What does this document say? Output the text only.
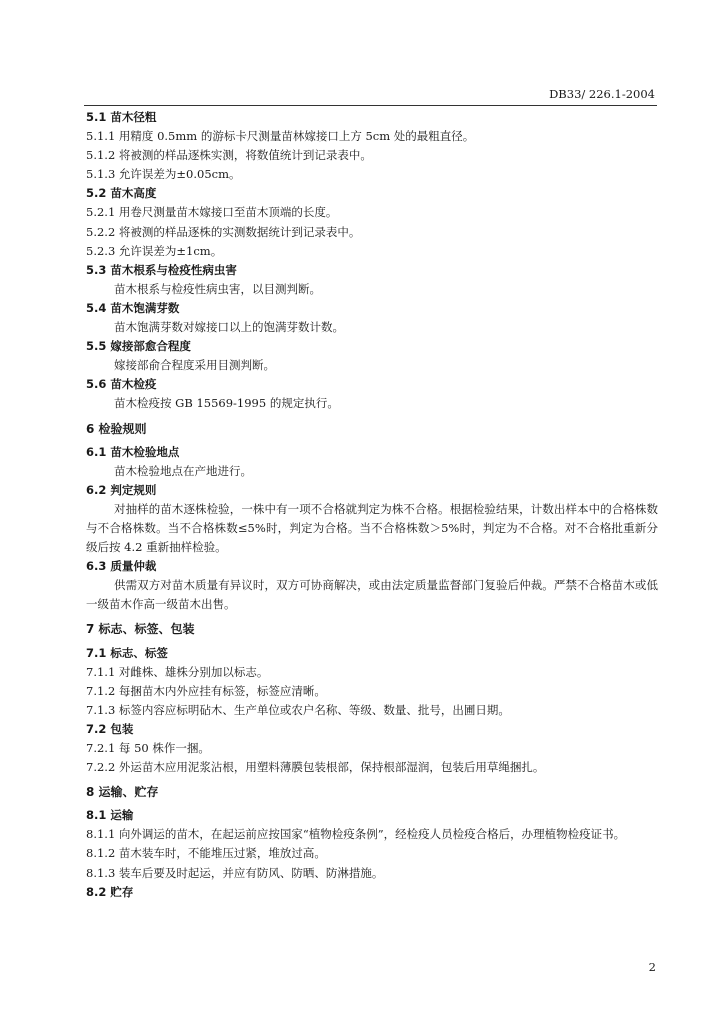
DB33/ 226.1-2004
5.1 苗木径粗
5.1.1 用精度 0.5mm 的游标卡尺测量苗林嫁接口上方 5cm 处的最粗直径。
5.1.2 将被测的样品逐株实测，将数值统计到记录表中。
5.1.3 允许误差为±0.05cm。
5.2 苗木高度
5.2.1 用卷尺测量苗木嫁接口至苗木顶端的长度。
5.2.2 将被测的样品逐株的实测数据统计到记录表中。
5.2.3 允许误差为±1cm。
5.3 苗木根系与检疫性病虫害
苗木根系与检疫性病虫害，以目测判断。
5.4 苗木饱满芽数
苗木饱满芽数对嫁接口以上的饱满芽数计数。
5.5 嫁接部愈合程度
嫁接部俞合程度采用目测判断。
5.6 苗木检疫
苗木检疫按 GB 15569-1995 的规定执行。
6 检验规则
6.1 苗木检验地点
苗木检验地点在产地进行。
6.2 判定规则
对抽样的苗木逐株检验，一株中有一项不合格就判定为株不合格。根据检验结果，计数出样本中的合格株数与不合格株数。当不合格株数≤5%时，判定为合格。当不合格株数＞5%时，判定为不合格。对不合格批重新分级后按 4.2 重新抽样检验。
6.3 质量仲裁
供需双方对苗木质量有异议时，双方可协商解决，或由法定质量监督部门复验后仲裁。严禁不合格苗木或低一级苗木作高一级苗木出售。
7 标志、标签、包装
7.1 标志、标签
7.1.1 对雌株、雄株分别加以标志。
7.1.2 每捆苗木内外应挂有标签，标签应清晰。
7.1.3 标签内容应标明砧木、生产单位或农户名称、等级、数量、批号，出圃日期。
7.2 包装
7.2.1 每 50 株作一捆。
7.2.2 外运苗木应用泥浆沾根，用塑料薄膜包装根部，保持根部湿润，包装后用草绳捆扎。
8 运输、贮存
8.1 运输
8.1.1 向外调运的苗木，在起运前应按国家“植物检疫条例”，经检疫人员检疫合格后，办理植物检疫证书。
8.1.2 苗木装车时，不能堆压过紧，堆放过高。
8.1.3 装车后要及时起运，并应有防风、防晒、防淋措施。
8.2 贮存
2
